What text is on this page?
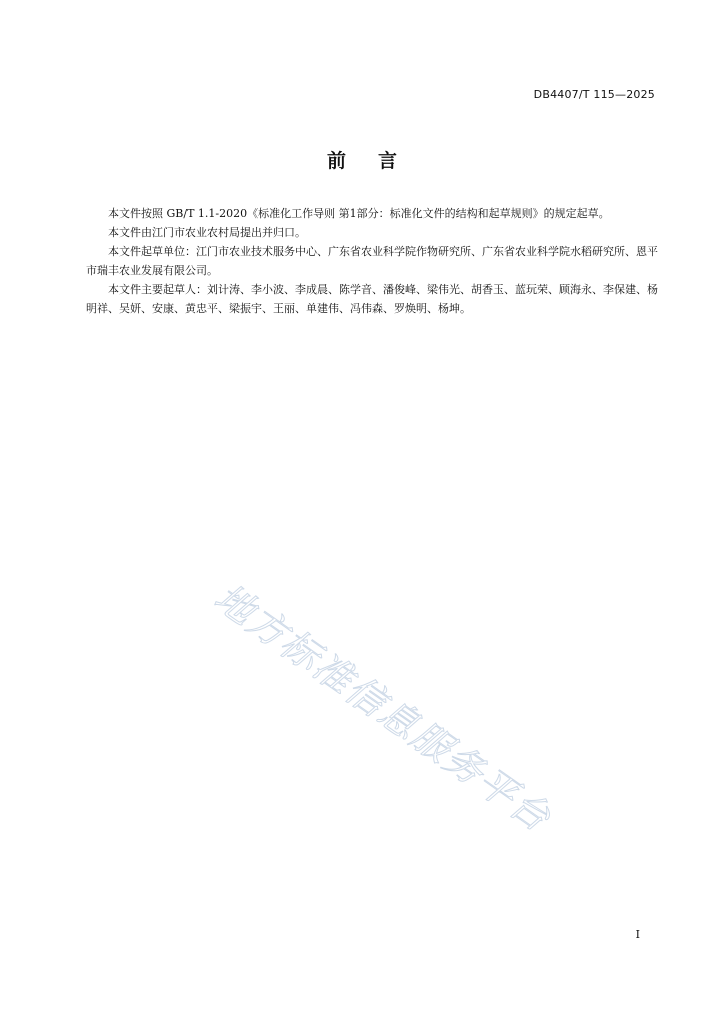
DB4407/T 115—2025
前 言

本文件按照 GB/T 1.1-2020《标准化工作导则 第1部分：标准化文件的结构和起草规则》的规定起草。

本文件由江门市农业农村局提出并归口。

本文件起草单位：江门市农业技术服务中心、广东省农业科学院作物研究所、广东省农业科学院水稻研究所、恩平市瑞丰农业发展有限公司。

本文件主要起草人：刘计涛、李小波、李成晨、陈学音、潘俊峰、梁伟光、胡香玉、蓝玩荣、顾海永、李保建、杨明祥、吴妍、安康、黄忠平、梁振宇、王丽、单建伟、冯伟森、罗焕明、杨坤。

地方标准信息服务平台
I
